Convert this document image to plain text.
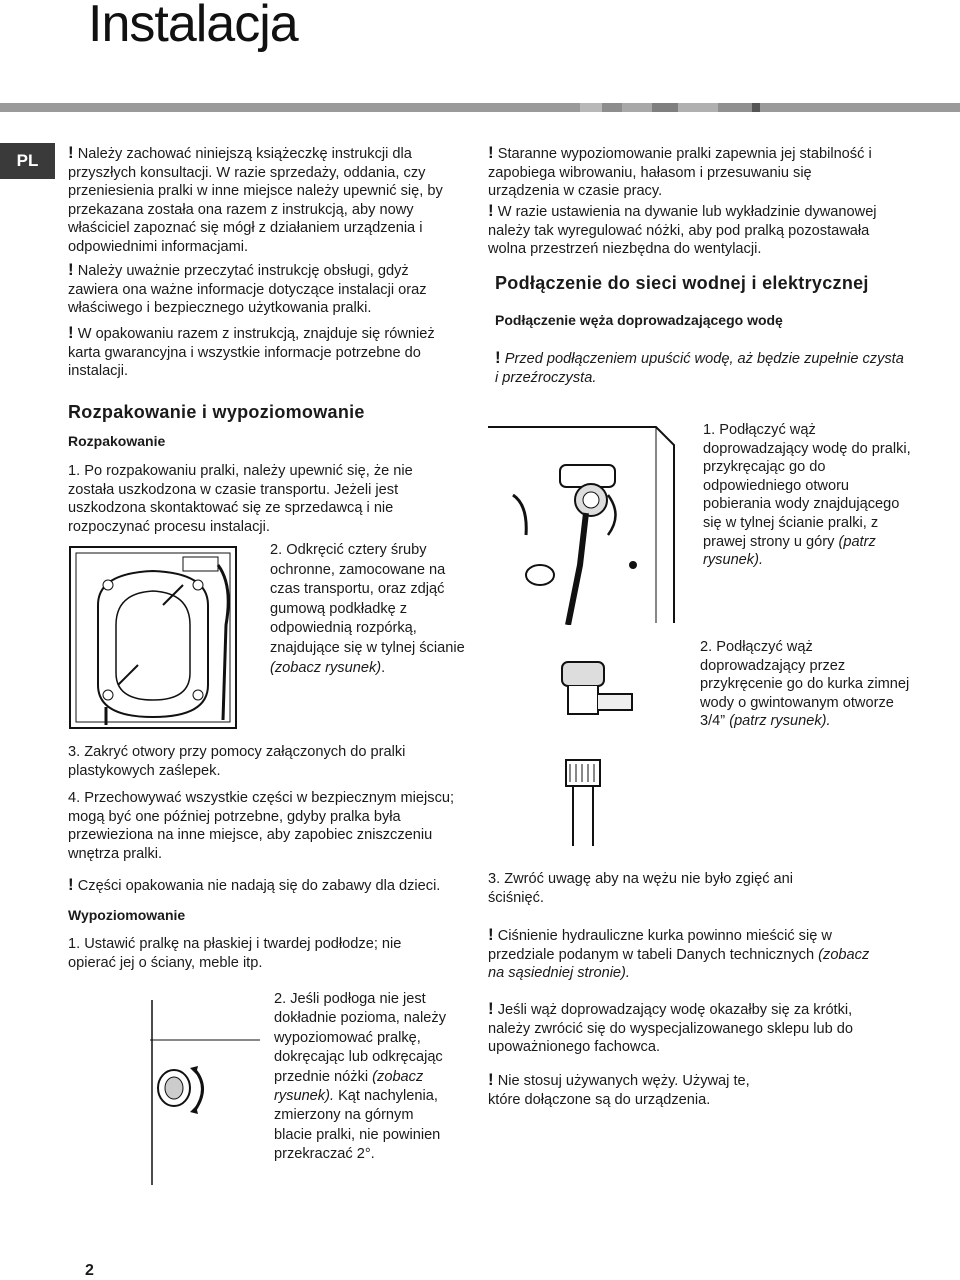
Instalacja
PL	! Należy zachować niniejszą książeczkę instrukcji dla przyszłych konsultacji. W razie sprzedaży, oddania, czy przeniesienia pralki w inne miejsce należy upewnić się, by przekazana została ona razem z instrukcją, aby nowy właściciel zapoznać się mógł z działaniem urządzenia i odpowiednimi informacjami.
! Należy uważnie przeczytać instrukcję obsługi, gdyż zawiera ona ważne informacje dotyczące instalacji oraz właściwego i bezpiecznego użytkowania pralki.
! W opakowaniu razem z instrukcją, znajduje się również karta gwarancyjna i wszystkie informacje potrzebne do instalacji.
Rozpakowanie i wypoziomowanie
Rozpakowanie
1. Po rozpakowaniu pralki, należy upewnić się, że nie została uszkodzona w czasie transportu. Jeżeli jest uszkodzona skontaktować się ze sprzedawcą i nie rozpoczynać procesu instalacji.
2. Odkręcić cztery śruby ochronne, zamocowane na czas transportu, oraz zdjąć gumową podkładkę z odpowiednią rozpórką, znajdujące się w tylnej ścianie (zobacz rysunek).
3. Zakryć otwory przy pomocy załączonych do pralki plastykowych zaślepek.
4. Przechowywać wszystkie części w bezpiecznym miejscu; mogą być one później potrzebne, gdyby pralka była przewieziona na inne miejsce, aby zapobiec zniszczeniu wnętrza pralki.
! Części opakowania nie nadają się do zabawy dla dzieci.
Wypoziomowanie
1. Ustawić pralkę na płaskiej i twardej podłodze; nie opierać jej o ściany, meble itp.
2. Jeśli podłoga nie jest dokładnie pozioma, należy wypoziomować pralkę, dokręcając lub odkręcając przednie nóżki (zobacz rysunek). Kąt nachylenia, zmierzony na górnym blacie pralki, nie powinien przekraczać 2°.
! Staranne wypoziomowanie pralki zapewnia jej stabilność i zapobiega wibrowaniu, hałasom i przesuwaniu się urządzenia w czasie pracy.
! W razie ustawienia na dywanie lub wykładzinie dywanowej należy tak wyregulować nóżki, aby pod pralką pozostawała wolna przestrzeń niezbędna do wentylacji.
Podłączenie do sieci wodnej i elektrycznej
Podłączenie węża doprowadzającego wodę
! Przed podłączeniem upuścić wodę, aż będzie zupełnie czysta i przeźroczysta.
1. Podłączyć wąż doprowadzający wodę do pralki, przykręcając go do odpowiedniego otworu pobierania wody znajdującego się w tylnej ścianie pralki, z prawej strony u góry (patrz rysunek).
2. Podłączyć wąż doprowadzający przez przykręcenie go do kurka zimnej wody o gwintowanym otworze 3/4” (patrz rysunek).
3. Zwróć uwagę aby na wężu nie było zgięć ani ściśnięć.
! Ciśnienie hydrauliczne kurka powinno mieścić się w przedziale podanym w tabeli Danych technicznych (zobacz na sąsiedniej stronie).
! Jeśli wąż doprowadzający wodę okazałby się za krótki, należy zwrócić się do wyspecjalizowanego sklepu lub do upoważnionego fachowca.
! Nie stosuj używanych węży. Używaj te, które dołączone są do urządzenia.
2
